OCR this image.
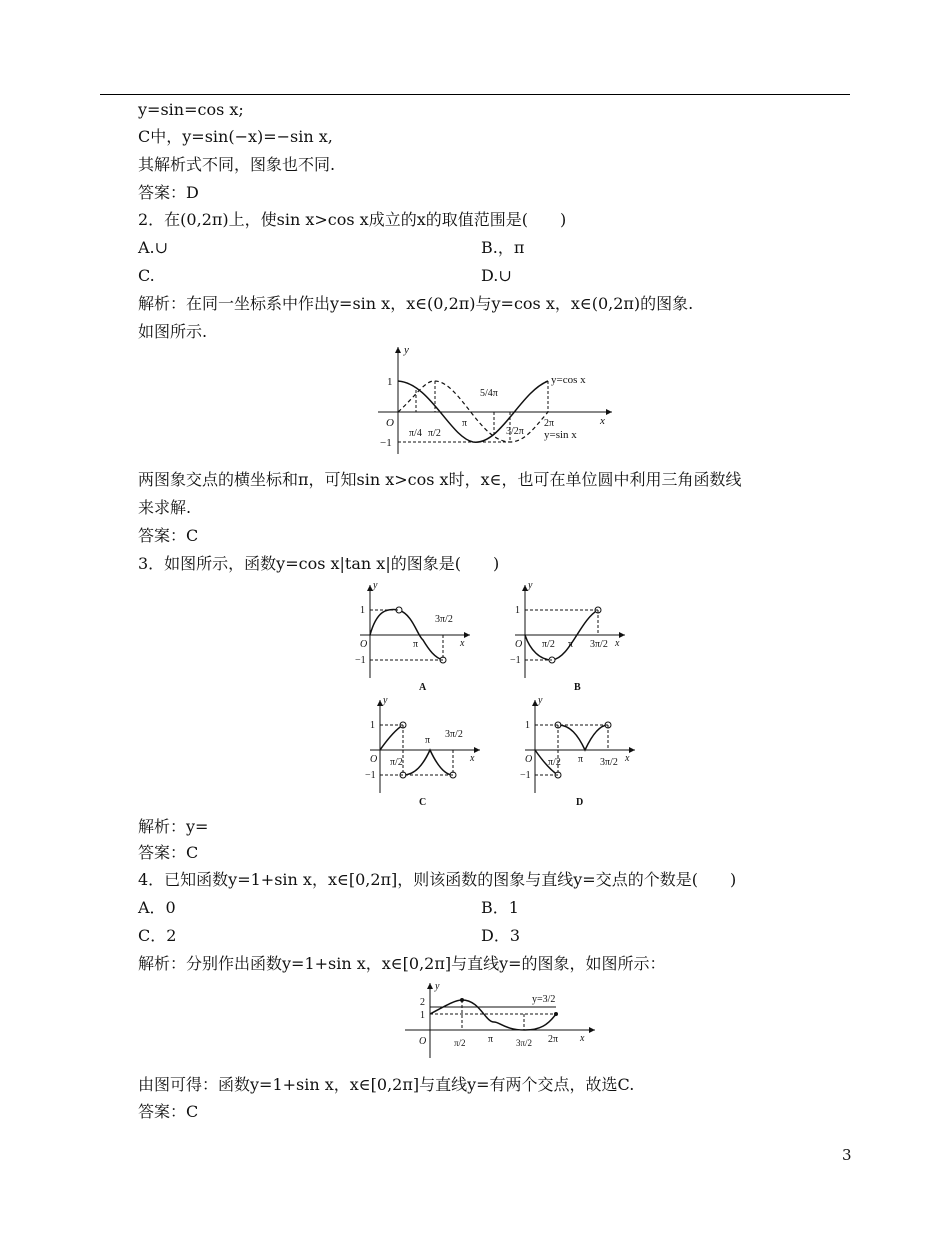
y=sin=cos x;
C中，y=sin(−x)=−sin x,
其解析式不同，图象也不同.
答案：D
2．在(0,2π)上，使sin x>cos x成立的x的取值范围是(　　)
A.∪	B.，π
C.	D.∪
解析：在同一坐标系中作出y=sin x，x∈(0,2π)与y=cos x，x∈(0,2π)的图象.
如图所示.
y
x
O
1
−1
π/4 π/2
π
5/4π
3/2π
2π
y=cos x
y=sin x
两图象交点的横坐标和π，可知sin x>cos x时，x∈，也可在单位圆中利用三角函数线
来求解.
答案：C
3．如图所示，函数y=cos x|tan x|的图象是(　　)
y
x
O
1
−1
π
3π/2
A
y
x
O
1
−1
π/2 π 3π/2
B
y
x
O
1
−1
π/2
π
3π/2
C
y
x
O
1
−1
π/2 π 3π/2
D
解析：y=
答案：C
4．已知函数y=1+sin x，x∈[0,2π]，则该函数的图象与直线y=交点的个数是(　　)
A．0	B．1
C．2	D．3
解析：分别作出函数y=1+sin x，x∈[0,2π]与直线y=的图象，如图所示：
y
x
O
2
1
π/2 π	3π/2 2π
y=3/2
由图可得：函数y=1+sin x，x∈[0,2π]与直线y=有两个交点，故选C.
答案：C
3
